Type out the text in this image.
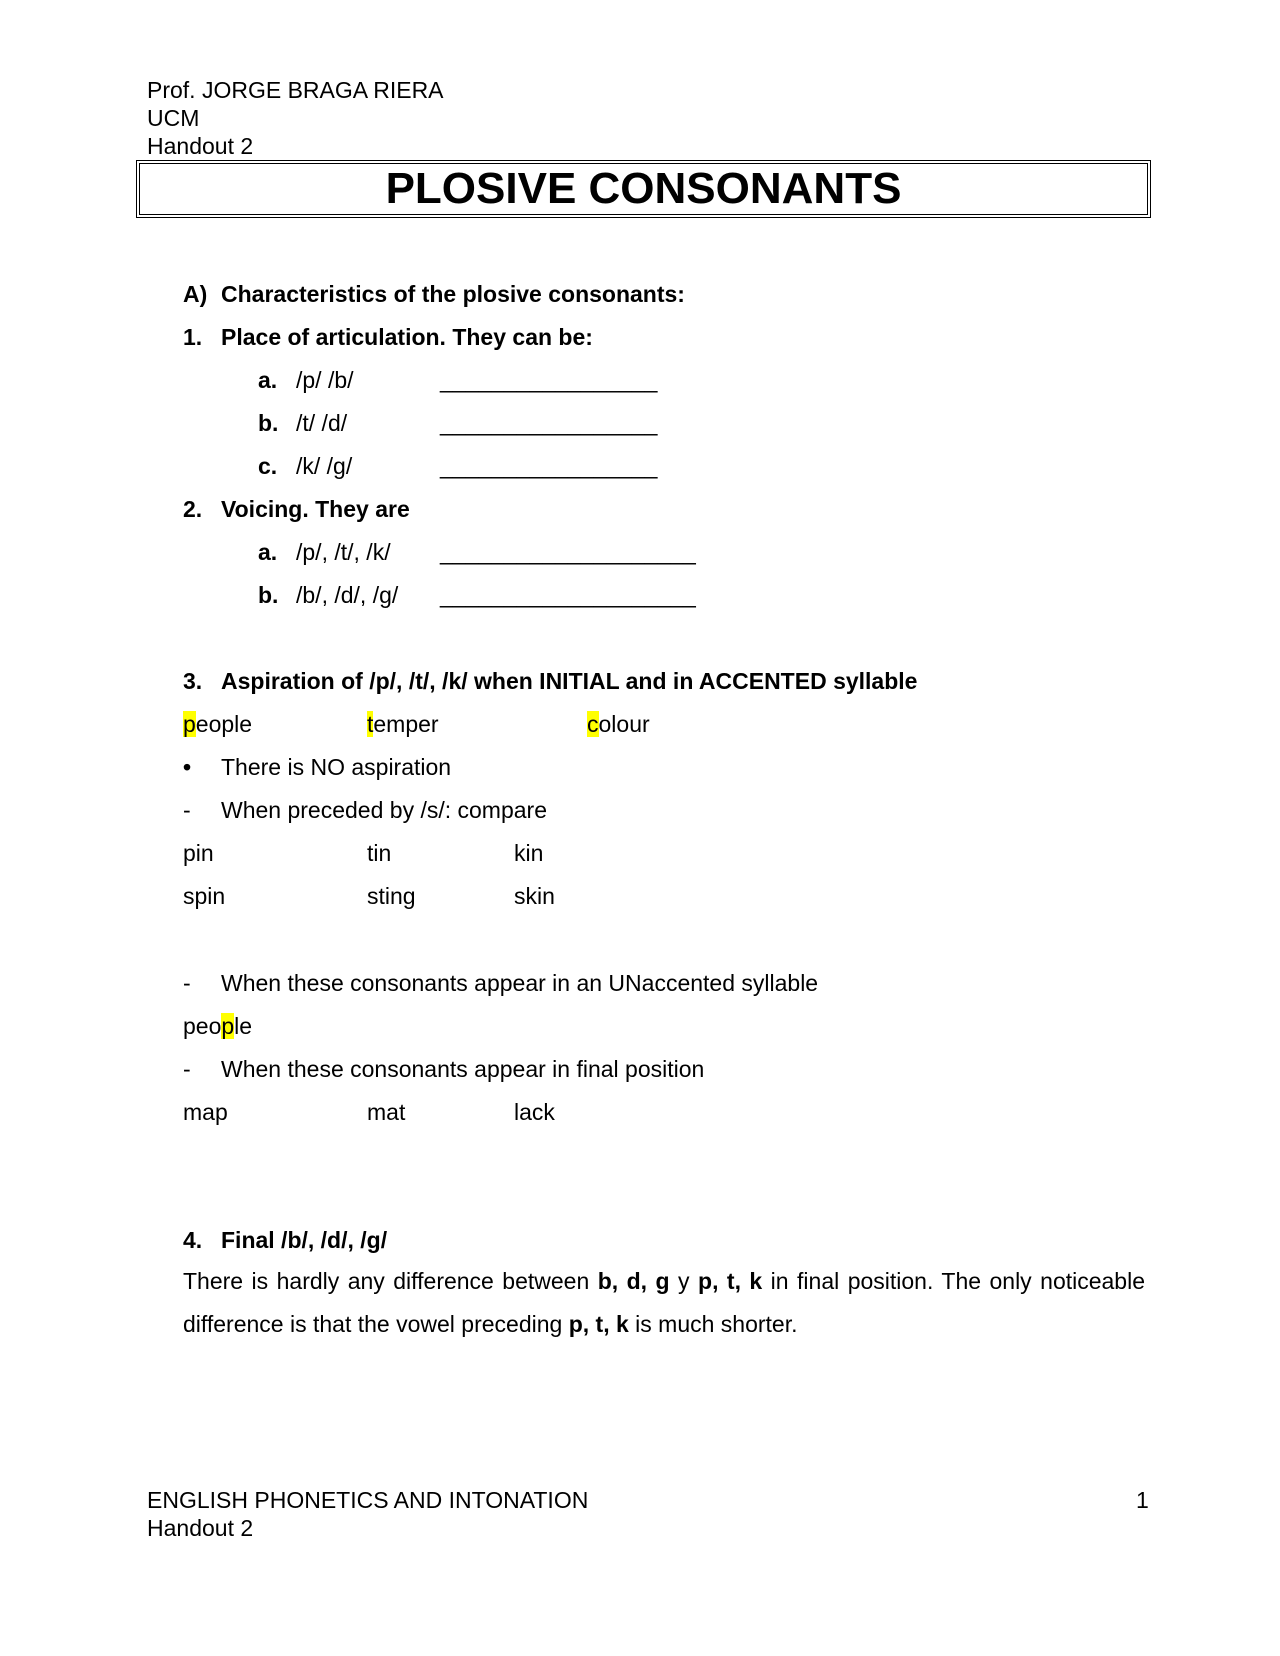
Prof. JORGE BRAGA RIERA
UCM
Handout 2
PLOSIVE CONSONANTS
A) Characteristics of the plosive consonants:
1. Place of articulation. They can be:
a. /p/ /b/	_________________
b. /t/ /d/	_________________
c. /k/ /g/	_________________
2. Voicing. They are
a. /p/, /t/, /k/ ____________________
b. /b/, /d/, /g/ ____________________
3. Aspiration of /p/, /t/, /k/ when INITIAL and in ACCENTED syllable
people	temper	colour
• There is NO aspiration
- When preceded by /s/: compare
pin	tin	kin
spin	sting	skin
- When these consonants appear in an UNaccented syllable
people
- When these consonants appear in final position
map	mat	lack
4. Final /b/, /d/, /g/
There is hardly any difference between b, d, g y p, t, k in final position. The only noticeable difference is that the vowel preceding p, t, k is much shorter.
ENGLISH PHONETICS AND INTONATION
Handout 2
1
